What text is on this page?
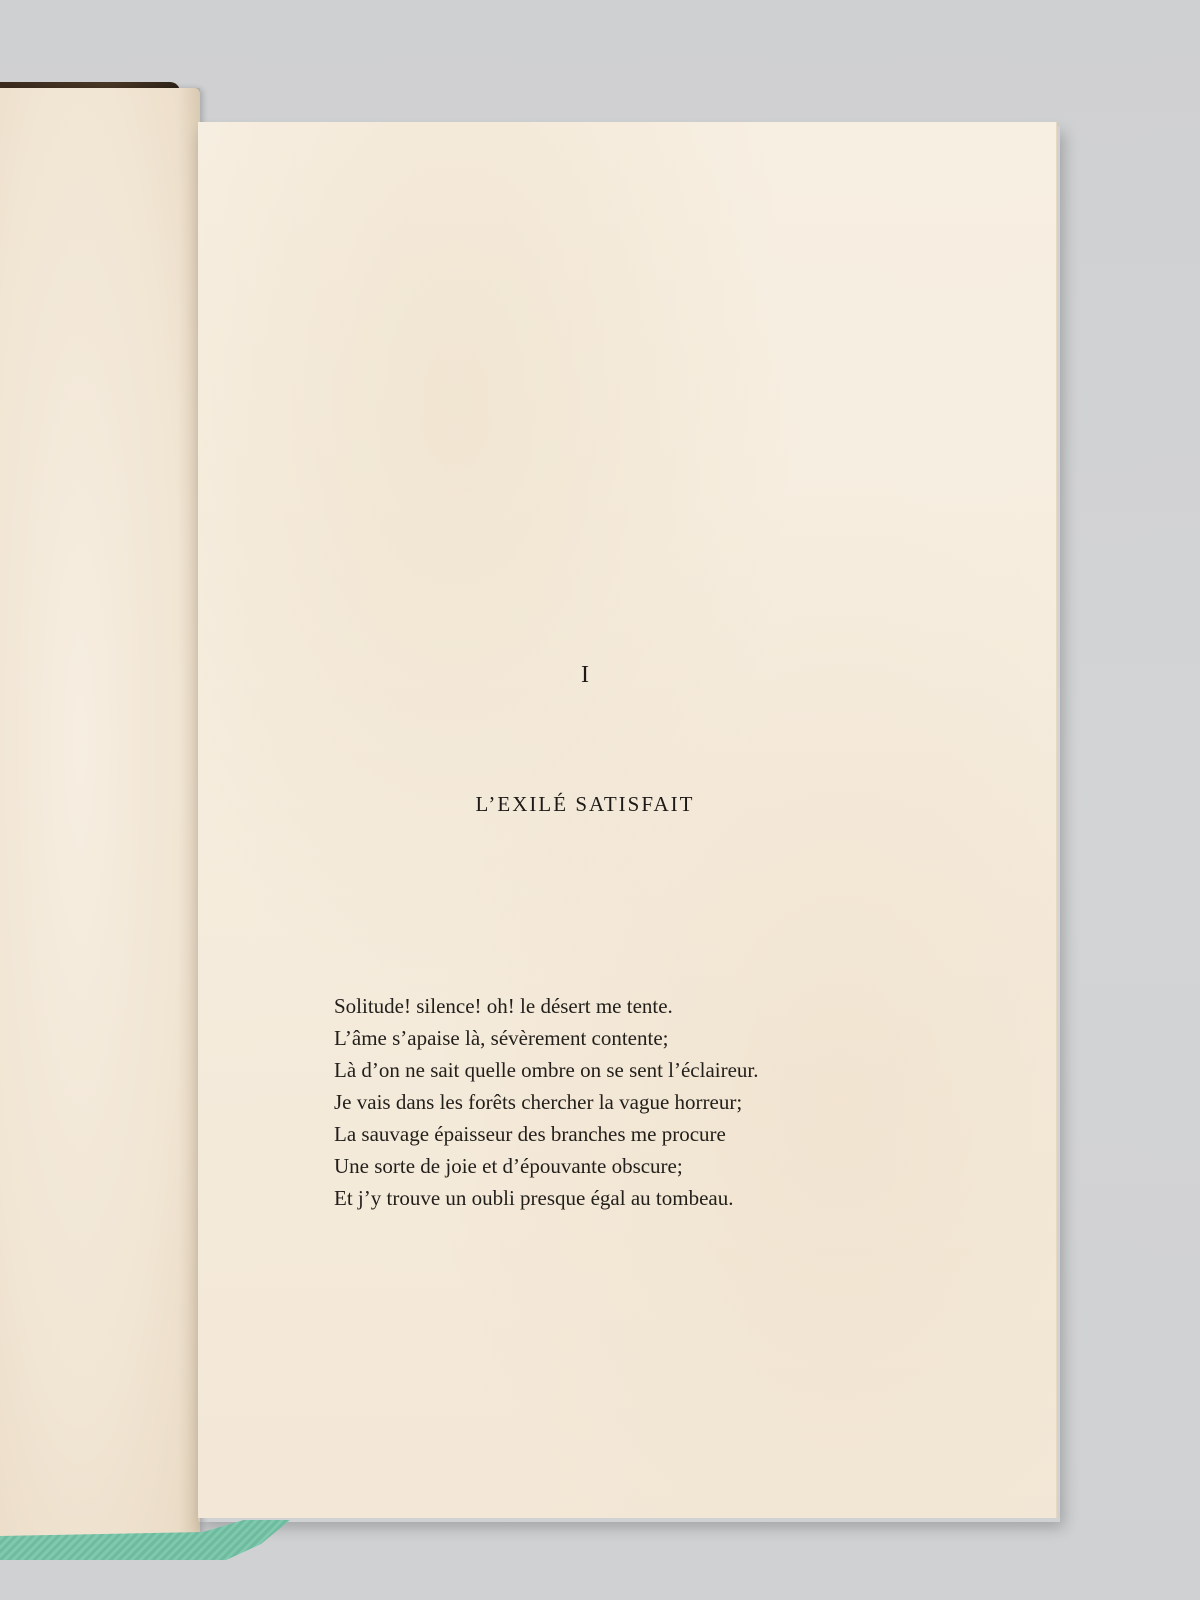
I
L’EXILÉ SATISFAIT
Solitude! silence! oh! le désert me tente.
L’âme s’apaise là, sévèrement contente;
Là d’on ne sait quelle ombre on se sent l’éclaireur.
Je vais dans les forêts chercher la vague horreur;
La sauvage épaisseur des branches me procure
Une sorte de joie et d’épouvante obscure;
Et j’y trouve un oubli presque égal au tombeau.
